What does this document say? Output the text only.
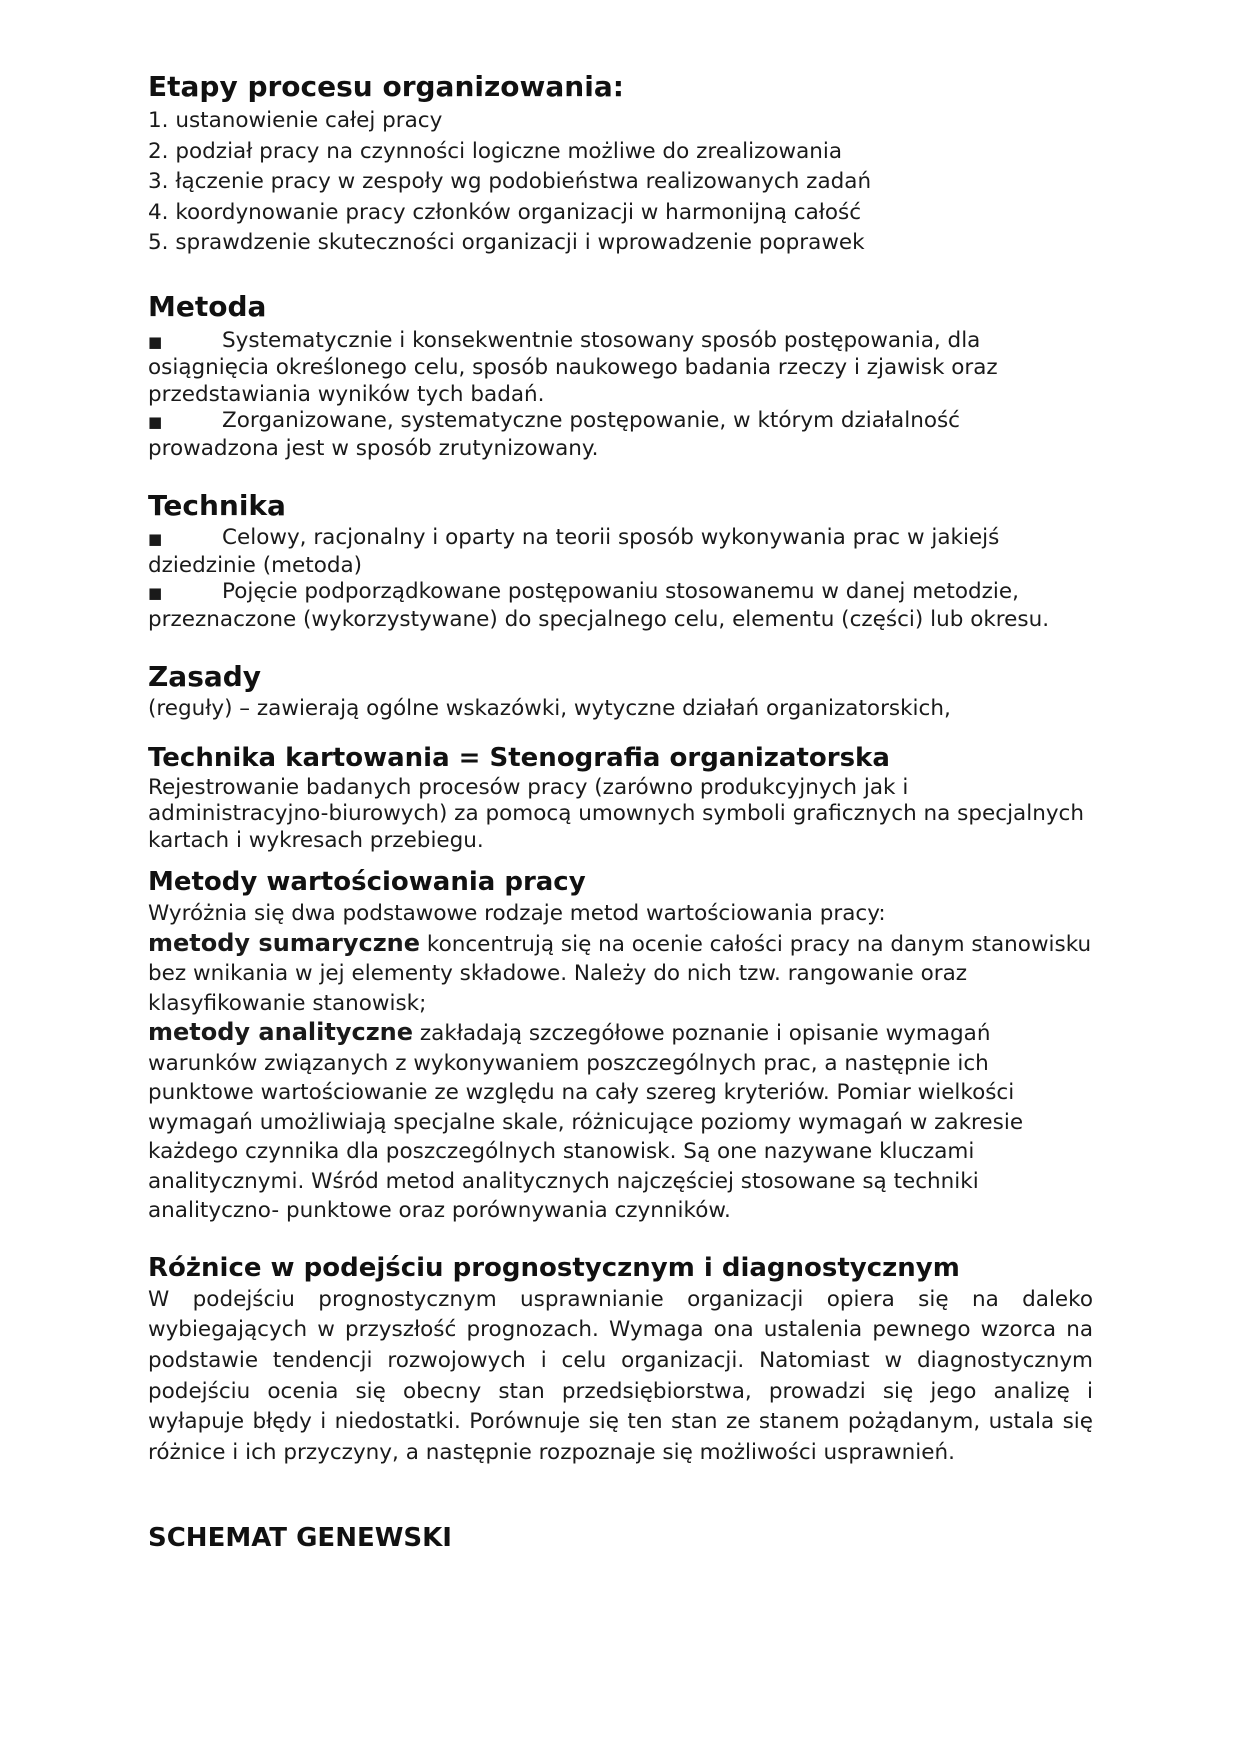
Etapy procesu organizowania:

1. ustanowienie całej pracy

2. podział pracy na czynności logiczne możliwe do zrealizowania

3. łączenie pracy w zespoły wg podobieństwa realizowanych zadań

4. koordynowanie pracy członków organizacji w harmonijną całość

5. sprawdzenie skuteczności organizacji i wprowadzenie poprawek

Metoda

■	Systematycznie i konsekwentnie stosowany sposób postępowania, dla osiągnięcia określonego celu, sposób naukowego badania rzeczy i zjawisk oraz przedstawiania wyników tych badań.

■	Zorganizowane, systematyczne postępowanie, w którym działalność prowadzona jest w sposób zrutynizowany.

Technika

■	Celowy, racjonalny i oparty na teorii sposób wykonywania prac w jakiejś dziedzinie (metoda)

■	Pojęcie podporządkowane postępowaniu stosowanemu w danej metodzie, przeznaczone (wykorzystywane) do specjalnego celu, elementu (części) lub okresu.

Zasady

(reguły) – zawierają ogólne wskazówki, wytyczne działań organizatorskich,

Technika kartowania = Stenografia organizatorska

Rejestrowanie badanych procesów pracy (zarówno produkcyjnych jak i administracyjno-biurowych) za pomocą umownych symboli graficznych na specjalnych kartach i wykresach przebiegu.

Metody wartościowania pracy

Wyróżnia się dwa podstawowe rodzaje metod wartościowania pracy:

metody sumaryczne koncentrują się na ocenie całości pracy na danym stanowisku bez wnikania w jej elementy składowe. Należy do nich tzw. rangowanie oraz klasyfikowanie stanowisk;

metody analityczne zakładają szczegółowe poznanie i opisanie wymagań warunków związanych z wykonywaniem poszczególnych prac, a następnie ich punktowe wartościowanie ze względu na cały szereg kryteriów. Pomiar wielkości wymagań umożliwiają specjalne skale, różnicujące poziomy wymagań w zakresie każdego czynnika dla poszczególnych stanowisk. Są one nazywane kluczami analitycznymi. Wśród metod analitycznych najczęściej stosowane są techniki analityczno- punktowe oraz porównywania czynników.

Różnice w podejściu prognostycznym i diagnostycznym

W podejściu prognostycznym usprawnianie organizacji opiera się na daleko wybiegających w przyszłość prognozach. Wymaga ona ustalenia pewnego wzorca na podstawie tendencji rozwojowych i celu organizacji. Natomiast w diagnostycznym podejściu ocenia się obecny stan przedsiębiorstwa, prowadzi się jego analizę i wyłapuje błędy i niedostatki. Porównuje się ten stan ze stanem pożądanym, ustala się różnice i ich przyczyny, a następnie rozpoznaje się możliwości usprawnień.

SCHEMAT GENEWSKI
